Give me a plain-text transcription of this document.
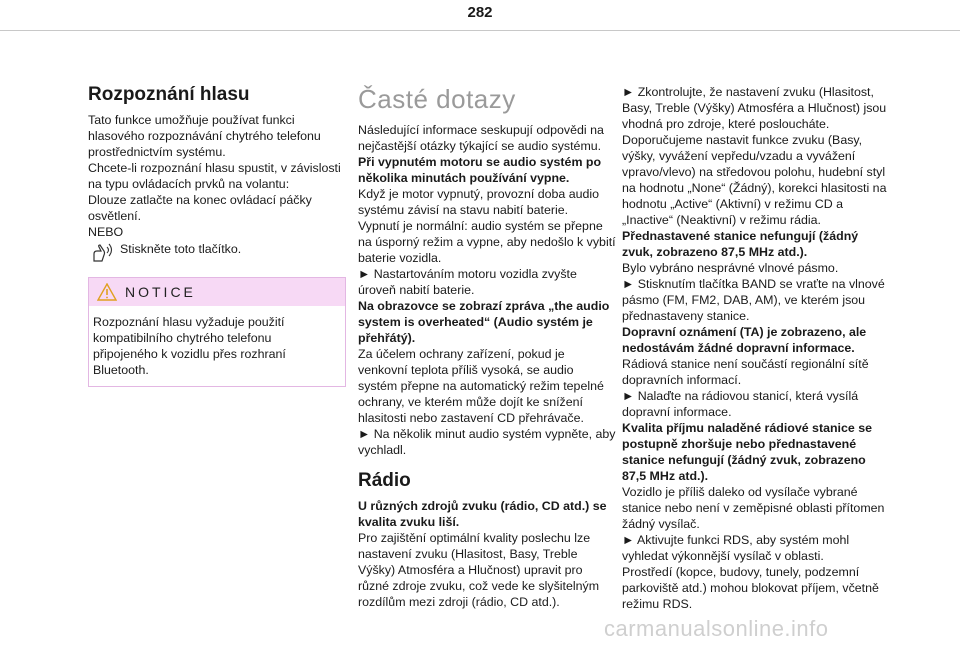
282
Rozpoznání hlasu

Tato funkce umožňuje používat funkci hlasového rozpoznávání chytrého telefonu prostřednictvím systému.

Chcete-li rozpoznání hlasu spustit, v závislosti na typu ovládacích prvků na volantu:

Dlouze zatlačte na konec ovládací páčky osvětlení.

NEBO

Stiskněte toto tlačítko.

NOTICE
Rozpoznání hlasu vyžaduje použití kompatibilního chytrého telefonu připojeného k vozidlu přes rozhraní Bluetooth.
Časté dotazy

Následující informace seskupují odpovědi na nejčastější otázky týkající se audio systému.

Při vypnutém motoru se audio systém po několika minutách používání vypne.

Když je motor vypnutý, provozní doba audio systému závisí na stavu nabití baterie.

Vypnutí je normální: audio systém se přepne na úsporný režim a vypne, aby nedošlo k vybití baterie vozidla.

► Nastartováním motoru vozidla zvyšte úroveň nabití baterie.

Na obrazovce se zobrazí zpráva „the audio system is overheated“ (Audio systém je přehřátý).

Za účelem ochrany zařízení, pokud je venkovní teplota příliš vysoká, se audio systém přepne na automatický režim tepelné ochrany, ve kterém může dojít ke snížení hlasitosti nebo zastavení CD přehrávače.

► Na několik minut audio systém vypněte, aby vychladl.

Rádio

U různých zdrojů zvuku (rádio, CD atd.) se kvalita zvuku liší.

Pro zajištění optimální kvality poslechu lze nastavení zvuku (Hlasitost, Basy, Treble Výšky) Atmosféra a Hlučnost) upravit pro různé zdroje zvuku, což vede ke slyšitelným rozdílům mezi zdroji (rádio, CD atd.).

► Zkontrolujte, že nastavení zvuku (Hlasitost, Basy, Treble (Výšky) Atmosféra a Hlučnost) jsou vhodná pro zdroje, které posloucháte. Doporučujeme nastavit funkce zvuku (Basy, výšky, vyvážení vepředu/vzadu a vyvážení vpravo/vlevo) na středovou polohu, hudební styl na hodnotu „None“ (Žádný), korekci hlasitosti na hodnotu „Active“ (Aktivní) v režimu CD a „Inactive“ (Neaktivní) v režimu rádia.

Přednastavené stanice nefungují (žádný zvuk, zobrazeno 87,5 MHz atd.).

Bylo vybráno nesprávné vlnové pásmo.

► Stisknutím tlačítka BAND se vraťte na vlnové pásmo (FM, FM2, DAB, AM), ve kterém jsou přednastaveny stanice.

Dopravní oznámení (TA) je zobrazeno, ale nedostávám žádné dopravní informace.

Rádiová stanice není součástí regionální sítě dopravních informací.

► Nalaďte na rádiovou stanicí, která vysílá dopravní informace.

Kvalita příjmu naladěné rádiové stanice se postupně zhoršuje nebo přednastavené stanice nefungují (žádný zvuk, zobrazeno 87,5 MHz atd.).

Vozidlo je příliš daleko od vysílače vybrané stanice nebo není v zeměpisné oblasti přítomen žádný vysílač.

► Aktivujte funkci RDS, aby systém mohl vyhledat výkonnější vysílač v oblasti.

Prostředí (kopce, budovy, tunely, podzemní parkoviště atd.) mohou blokovat příjem, včetně režimu RDS.

carmanualsonline.info
